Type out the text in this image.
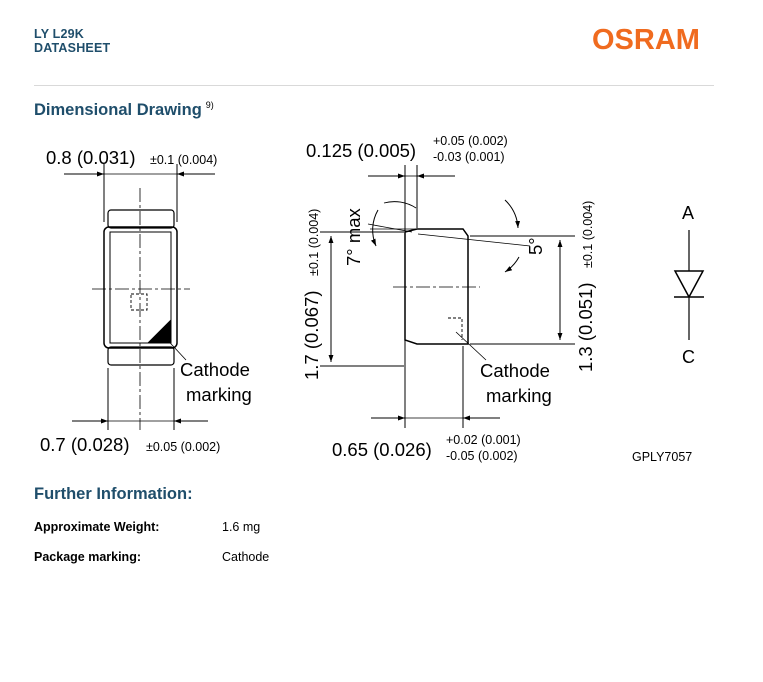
LY L29K
DATASHEET	OSRAM
Dimensional Drawing $^{9)}$
0.8 (0.031) ±0.1 (0.004)
Cathode
marking
0.7 (0.028) ±0.05 (0.002)
0.125 (0.005) +0.05 (0.002)
-0.03 (0.001)
7° max	5°
1.7 (0.067)
±0.1 (0.004)
1.3 (0.051)
±0.1 (0.004)
Cathode
marking
0.65 (0.026) +0.02 (0.001)
-0.05 (0.002)
A
C
GPLY7057
Further Information:
Approximate Weight:	1.6 mg
Package marking:	Cathode
